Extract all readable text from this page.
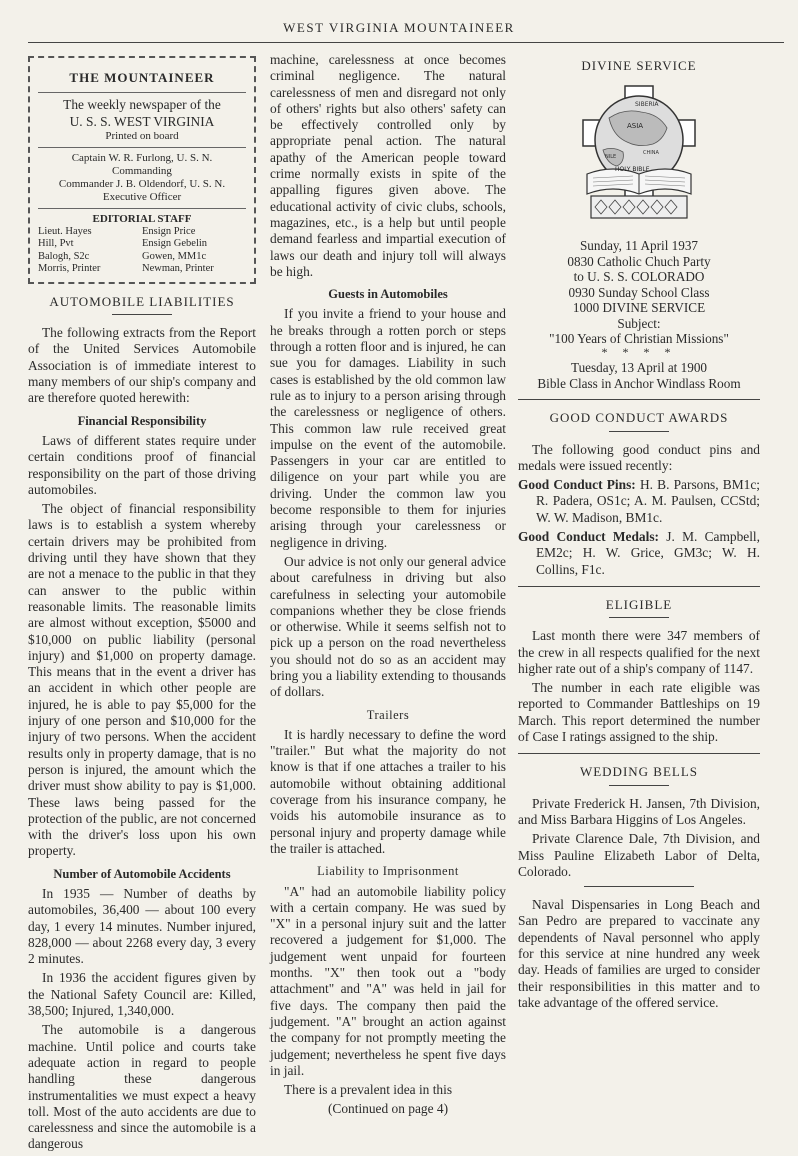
WEST VIRGINIA MOUNTAINEER
THE MOUNTAINEER
The weekly newspaper of the
U. S. S. WEST VIRGINIA
Printed on board
Captain W. R. Furlong, U. S. N.
Commanding
Commander J. B. Oldendorf, U. S. N.
Executive Officer
EDITORIAL STAFF
Lieut. Hayes
Hill, Pvt
Balogh, S2c
Morris, Printer
Ensign Price
Ensign Gebelin
Gowen, MM1c
Newman, Printer
AUTOMOBILE LIABILITIES

The following extracts from the Report of the United Services Automobile Association is of immediate interest to many members of our ship's company and are therefore quoted herewith:

Financial Responsibility

Laws of different states require under certain conditions proof of financial responsibility on the part of those driving automobiles.

The object of financial responsibility laws is to establish a system whereby certain drivers may be prohibited from driving until they have shown that they are not a menace to the public in that they can answer to the public within reasonable limits. The reasonable limits are almost without exception, $5000 and $10,000 on public liability (personal injury) and $1,000 on property damage. This means that in the event a driver has an accident in which other people are injured, he is able to pay $5,000 for the injury of one person and $10,000 for the injury of two persons. When the accident results only in property damage, that is no person is injured, the amount which the driver must show ability to pay is $1,000. These laws being passed for the protection of the public, are not concerned with the driver's loss upon his own property.

Number of Automobile Accidents

In 1935 — Number of deaths by automobiles, 36,400 — about 100 every day, 1 every 14 minutes. Number injured, 828,000 — about 2268 every day, 3 every 2 minutes.

In 1936 the accident figures given by the National Safety Council are: Killed, 38,500; Injured, 1,340,000.

The automobile is a dangerous machine. Until police and courts take adequate action in regard to people handling these dangerous instrumentalities we must expect a heavy toll. Most of the auto accidents are due to carelessness and since the automobile is a dangerous

machine, carelessness at once becomes criminal negligence. The natural carelessness of men and disregard not only of others' rights but also others' safety can be effectively controlled only by appropriate penal action. The natural apathy of the American people toward crime normally exists in spite of the appalling figures given above. The educational activity of civic clubs, schools, magazines, etc., is a help but until people demand fearless and impartial execution of laws our death and injury toll will always be high.

Guests in Automobiles

If you invite a friend to your house and he breaks through a rotten porch or steps through a rotten floor and is injured, he can sue you for damages. Liability in such cases is established by the old common law rule as to injury to a person arising through the carelessness or negligence of others. This common law rule received great impulse on the event of the automobile. Passengers in your car are entitled to diligence on your part while you are driving. Under the common law you become responsible to them for injuries arising through your carelessness or negligence in driving.

Our advice is not only our general advice about carefulness in driving but also carefulness in selecting your automobile companions whether they be close friends or otherwise. While it seems selfish not to pick up a person on the road nevertheless you should not do so as an accident may bring you a liability extending to thousands of dollars.

Trailers

It is hardly necessary to define the word "trailer." But what the majority do not know is that if one attaches a trailer to his automobile without obtaining additional coverage from his insurance company, he voids his automobile insurance as to personal injury and property damage while the trailer is attached.

Liability to Imprisonment

"A" had an automobile liability policy with a certain company. He was sued by "X" in a personal injury suit and the latter recovered a judgement for $1,000. The judgement went unpaid for fourteen months. "X" then took out a "body attachment" and "A" was held in jail for five days. The company then paid the judgement. "A" brought an action against the company for not promptly meeting the judgement; nevertheless he spent five days in jail.

There is a prevalent idea in this

(Continued on page 4)
DIVINE SERVICE
SIBERIA
ASIA
NILE
CHINA
HOLY BIBLE
Sunday, 11 April 1937
0830 Catholic Chuch Party
to U. S. S. COLORADO
0930 Sunday School Class
1000 DIVINE SERVICE
Subject:
"100 Years of Christian Missions"
* * * *
Tuesday, 13 April at 1900
Bible Class in Anchor Windlass Room
GOOD CONDUCT AWARDS

The following good conduct pins and medals were issued recently:

Good Conduct Pins: H. B. Parsons, BM1c; R. Padera, OS1c; A. M. Paulsen, CCStd; W. W. Madison, BM1c.

Good Conduct Medals: J. M. Campbell, EM2c; H. W. Grice, GM3c; W. H. Collins, F1c.

ELIGIBLE

Last month there were 347 members of the crew in all respects qualified for the next higher rate out of a ship's company of 1147.

The number in each rate eligible was reported to Commander Battleships on 19 March. This report determined the number of Case I ratings assigned to the ship.

WEDDING BELLS

Private Frederick H. Jansen, 7th Division, and Miss Barbara Higgins of Los Angeles.

Private Clarence Dale, 7th Division, and Miss Pauline Elizabeth Labor of Delta, Colorado.

Naval Dispensaries in Long Beach and San Pedro are prepared to vaccinate any dependents of Naval personnel who apply for this service at nine hundred any week day. Heads of families are urged to consider their responsibilities in this matter and to take advantage of the offered service.
